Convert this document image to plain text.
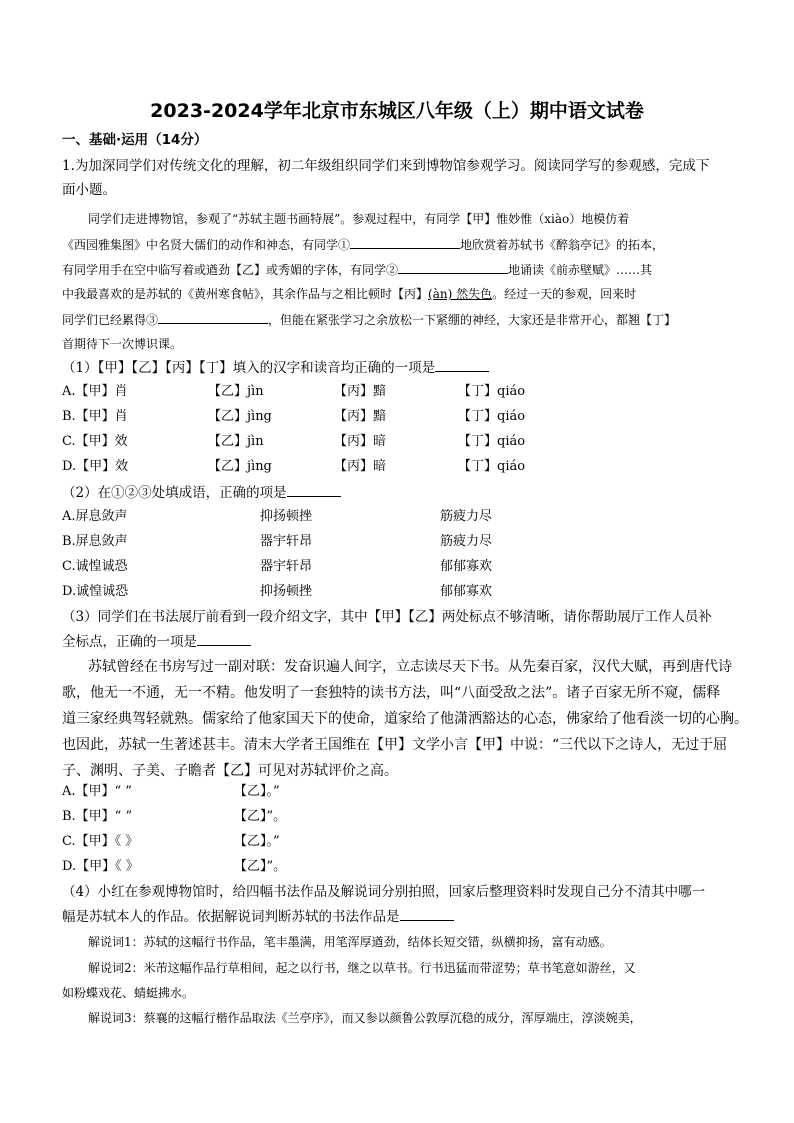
2023-2024学年北京市东城区八年级（上）期中语文试卷
一、基础·运用（14分）
1.为加深同学们对传统文化的理解，初二年级组织同学们来到博物馆参观学习。阅读同学写的参观感，完成下
面小题。
同学们走进博物馆，参观了“苏轼主题书画特展”。参观过程中，有同学【甲】惟妙惟（xiào）地模仿着
《西园雅集图》中名贤大儒们的动作和神态，有同学①	地欣赏着苏轼书《醉翁亭记》的拓本，
有同学用手在空中临写着或遒劲【乙】或秀媚的字体，有同学②	地诵读《前赤壁赋》……其
中我最喜欢的是苏轼的《黄州寒食帖》，其余作品与之相比顿时【丙】(àn) 然失色。经过一天的参观，回来时
同学们已经累得③	，但能在紧张学习之余放松一下紧绷的神经，大家还是非常开心，都翘【丁】
首期待下一次博识课。
（1）【甲】【乙】【丙】【丁】填入的汉字和读音均正确的一项是
A.【甲】肖	【乙】jìn	【丙】黯	【丁】qiáo
B.【甲】肖	【乙】jìng	【丙】黯	【丁】qiáo
C.【甲】效	【乙】jìn	【丙】暗	【丁】qiáo
D.【甲】效	【乙】jìng	【丙】暗	【丁】qiáo
（2）在①②③处填成语，正确的项是
A.屏息敛声	抑扬顿挫	筋疲力尽
B.屏息敛声	器宇轩昂	筋疲力尽
C.诚惶诚恐	器宇轩昂	郁郁寡欢
D.诚惶诚恐	抑扬顿挫	郁郁寡欢
（3）同学们在书法展厅前看到一段介绍文字，其中【甲】【乙】两处标点不够清晰，请你帮助展厅工作人员补
全标点，正确的一项是
苏轼曾经在书房写过一副对联：发奋识遍人间字，立志读尽天下书。从先秦百家，汉代大赋，再到唐代诗
歌，他无一不通，无一不精。他发明了一套独特的读书方法，叫“八面受敌之法”。诸子百家无所不窥，儒释
道三家经典驾轻就熟。儒家给了他家国天下的使命，道家给了他潇洒豁达的心态，佛家给了他看淡一切的心胸。
也因此，苏轼一生著述甚丰。清末大学者王国维在【甲】文学小言【甲】中说：“三代以下之诗人，无过于屈
子、渊明、子美、子瞻者【乙】可见对苏轼评价之高。
A.【甲】“ ”	【乙】。”
B.【甲】“ ”	【乙】”。
C.【甲】《 》	【乙】。”
D.【甲】《 》	【乙】”。
（4）小红在参观博物馆时，给四幅书法作品及解说词分别拍照，回家后整理资料时发现自己分不清其中哪一
幅是苏轼本人的作品。依据解说词判断苏轼的书法作品是
解说词1：苏轼的这幅行书作品，笔丰墨满，用笔浑厚遒劲，结体长短交错，纵横抑扬，富有动感。
解说词2：米芾这幅作品行草相间，起之以行书，继之以草书。行书迅猛而带涩势；草书笔意如游丝，又
如粉蝶戏花、蜻蜓拂水。
解说词3：蔡襄的这幅行楷作品取法《兰亭序》，而又参以颜鲁公敦厚沉稳的成分，浑厚端庄，淳淡婉美，
